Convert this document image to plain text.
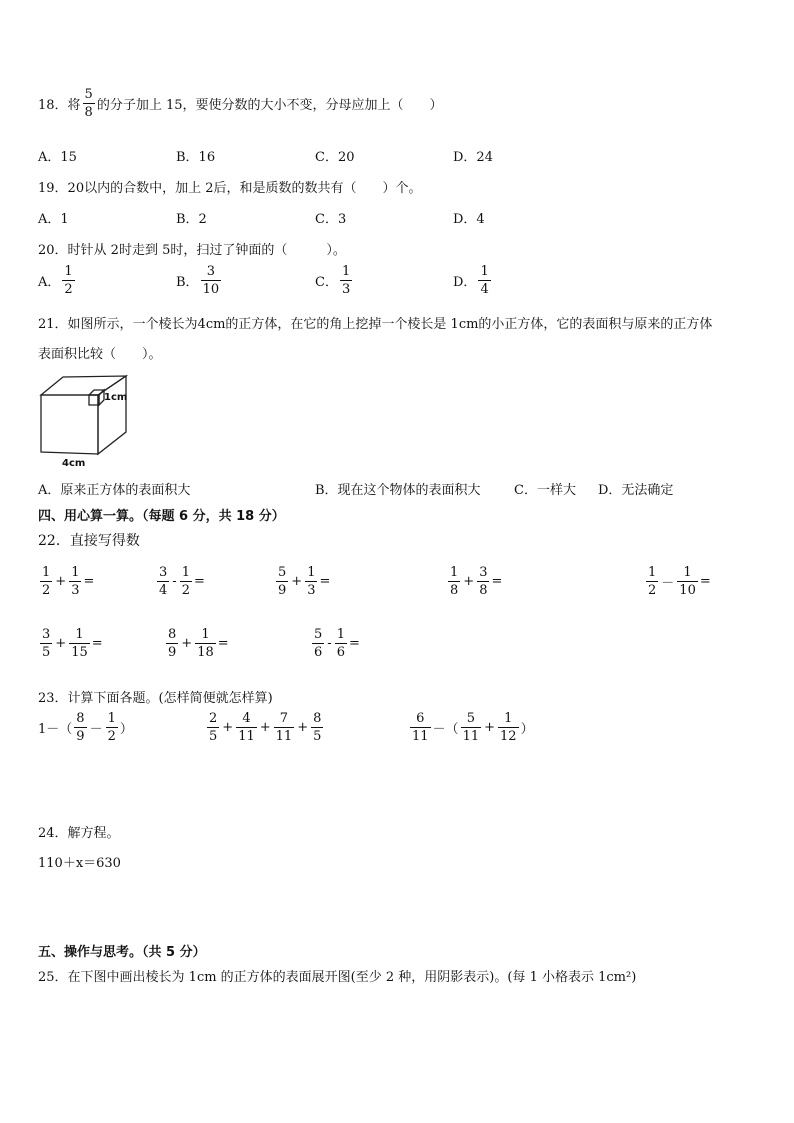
18．将 $\frac{5}{8}$ 的分子加上 15，要使分数的大小不变，分母应加上（　　）
A．15	B．16	C．20	D．24
19．20以内的合数中，加上 2后，和是质数的数共有（　　）个。
A．1	B．2	C．3	D．4
20．时针从 2时走到 5时，扫过了钟面的（　　　）。
A． $\frac{1}{2}$	B． $\frac{3}{10}$	C． $\frac{1}{3}$	D． $\frac{1}{4}$
21．如图所示，一个棱长为4cm的正方体，在它的角上挖掉一个棱长是 1cm的小正方体，它的表面积与原来的正方体
表面积比较（　　）。
1cm
4cm
A．原来正方体的表面积大	B．现在这个物体的表面积大	C．一样大 D．无法确定
四、用心算一算。（每题 6 分，共 18 分）
22．直接写得数
$\frac{1}{2} + \frac{1}{3}$ =	$\frac{3}{4} - \frac{1}{2}$ =	$\frac{5}{9} + \frac{1}{3}$ =	$\frac{1}{8} + \frac{3}{8}$ =	$\frac{1}{2} - \frac{1}{10}$ =
$\frac{3}{5} + \frac{1}{15}$ =	$\frac{8}{9} + \frac{1}{18}$ =	$\frac{5}{6} - \frac{1}{6}$ =
23．计算下面各题。(怎样简便就怎样算)
$1-( \frac{8}{9} - \frac{1}{2}$ ）	$\frac{2}{5} + \frac{4}{11} + \frac{7}{11} + \frac{8}{5}$	$\frac{6}{11}$ －（ $\frac{5}{11} + \frac{1}{12}$ ）
24．解方程。
110＋x＝630
五、操作与思考。（共 5 分）
25．在下图中画出棱长为 1cm 的正方体的表面展开图(至少 2 种，用阴影表示)。(每 1 小格表示 1cm²)
